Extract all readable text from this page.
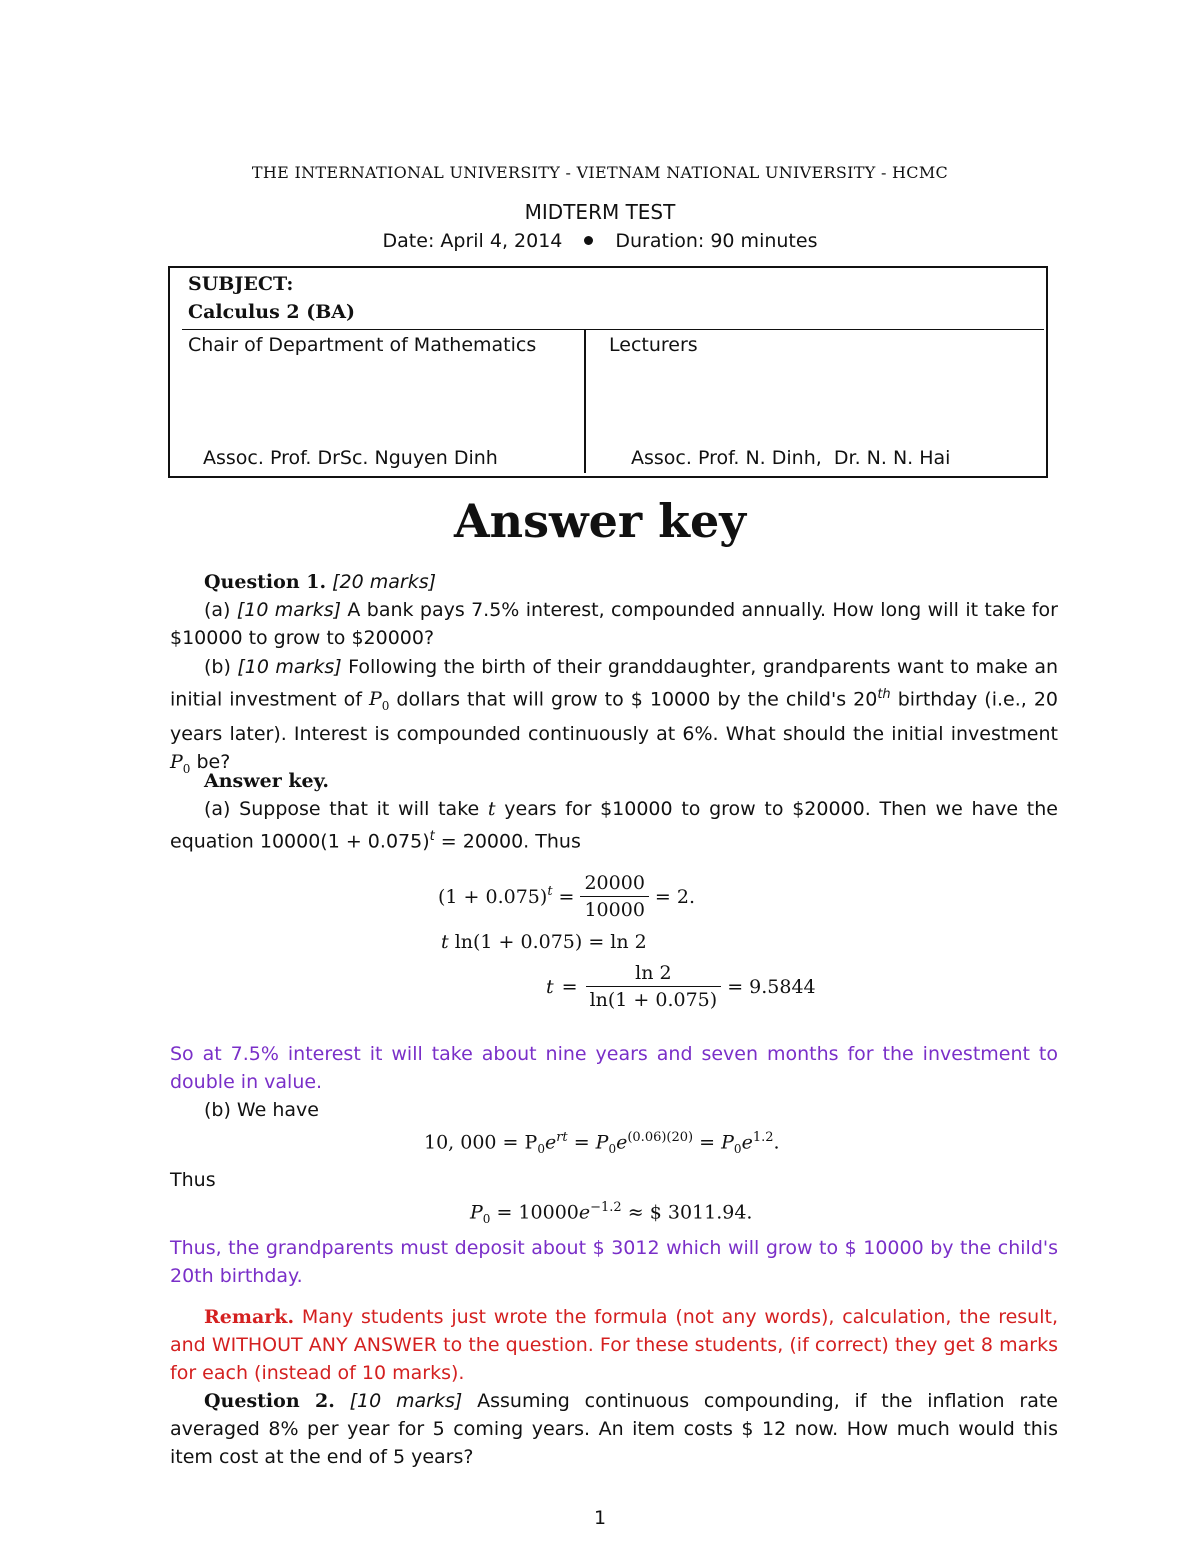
THE INTERNATIONAL UNIVERSITY - VIETNAM NATIONAL UNIVERSITY - HCMC
MIDTERM TEST
Date: April 4, 2014	Duration: 90 minutes
SUBJECT:
Calculus 2 (BA)
Chair of Department of Mathematics	Lecturers
Assoc. Prof. DrSc. Nguyen Dinh	Assoc. Prof. N. Dinh,  Dr. N. N. Hai
Answer key
Question 1. [20 marks]
(a) [10 marks] A bank pays 7.5% interest, compounded annually. How long will it take for $10000 to grow to $20000?
(b) [10 marks] Following the birth of their granddaughter, grandparents want to make an initial investment of $P_0$ dollars that will grow to $ 10000 by the child's 20th birthday (i.e., 20 years later). Interest is compounded continuously at 6%. What should the initial investment $P_0$ be?
Answer key.
(a) Suppose that it will take t years for $10000 to grow to $20000. Then we have the equation $10000(1 + 0.075)^t = 20000$. Thus
$(1 + 0.075)^t = \frac{20000}{10000} = 2$.
t ln(1 + 0.075) = ln 2
$t = \frac{\ln 2}{\ln(1 + 0.075)} = 9.5844$
So at 7.5% interest it will take about nine years and seven months for the investment to double in value.
(b) We have
10, $000 = P_0e^{rt} = P_0e^{(0.06)(20)} = P_0e^{1.2}$.
Thus
$P_0 = 10000e^{-1.2}$ ≈ $ 3011.94.
Thus, the grandparents must deposit about $ 3012 which will grow to $ 10000 by the child's 20th birthday.
Remark. Many students just wrote the formula (not any words), calculation, the result, and WITHOUT ANY ANSWER to the question. For these students, (if correct) they get 8 marks for each (instead of 10 marks).
Question 2. [10 marks] Assuming continuous compounding, if the inflation rate averaged 8% per year for 5 coming years. An item costs $ 12 now. How much would this item cost at the end of 5 years?
1
